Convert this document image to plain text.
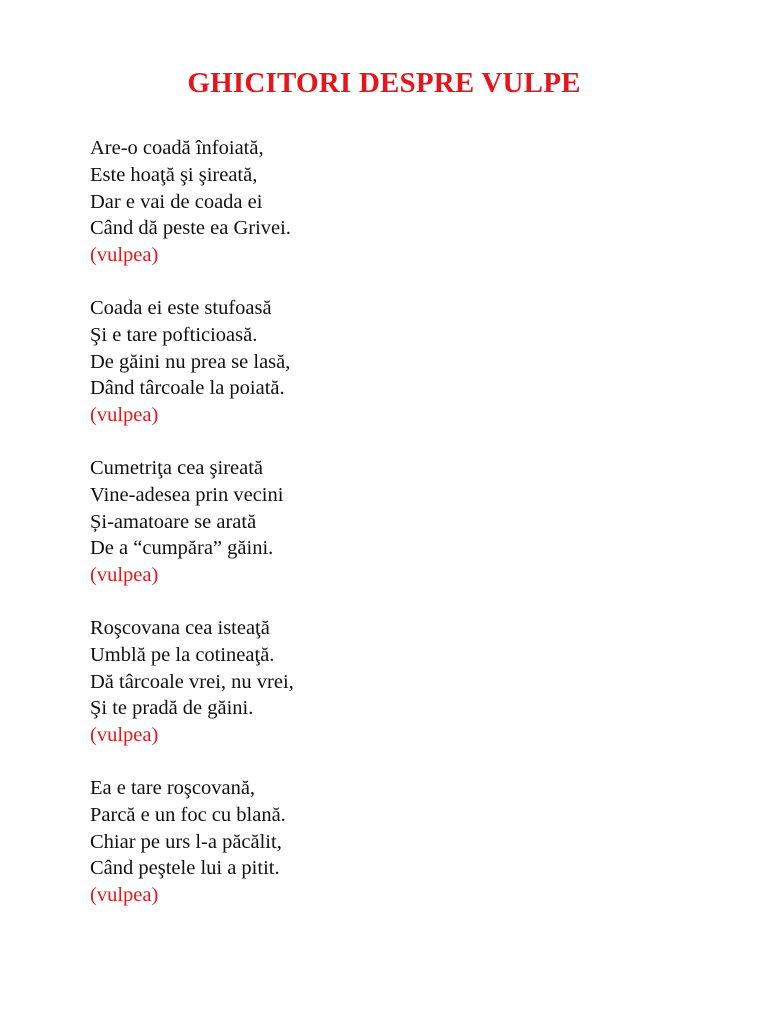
GHICITORI DESPRE VULPE
Are-o coadă înfoiată,
Este hoaţă şi şireată,
Dar e vai de coada ei
Când dă peste ea Grivei.
(vulpea)
Coada ei este stufoasă
Şi e tare pofticioasă.
De găini nu prea se lasă,
Dând târcoale la poiată.
(vulpea)
Cumetriţa cea şireată
Vine-adesea prin vecini
Și-amatoare se arată
De a “cumpăra” găini.
(vulpea)
Roşcovana cea isteaţă
Umblă pe la cotineaţă.
Dă târcoale vrei, nu vrei,
Şi te pradă de găini.
(vulpea)
Ea e tare roşcovană,
Parcă e un foc cu blană.
Chiar pe urs l-a păcălit,
Când peştele lui a pitit.
(vulpea)
